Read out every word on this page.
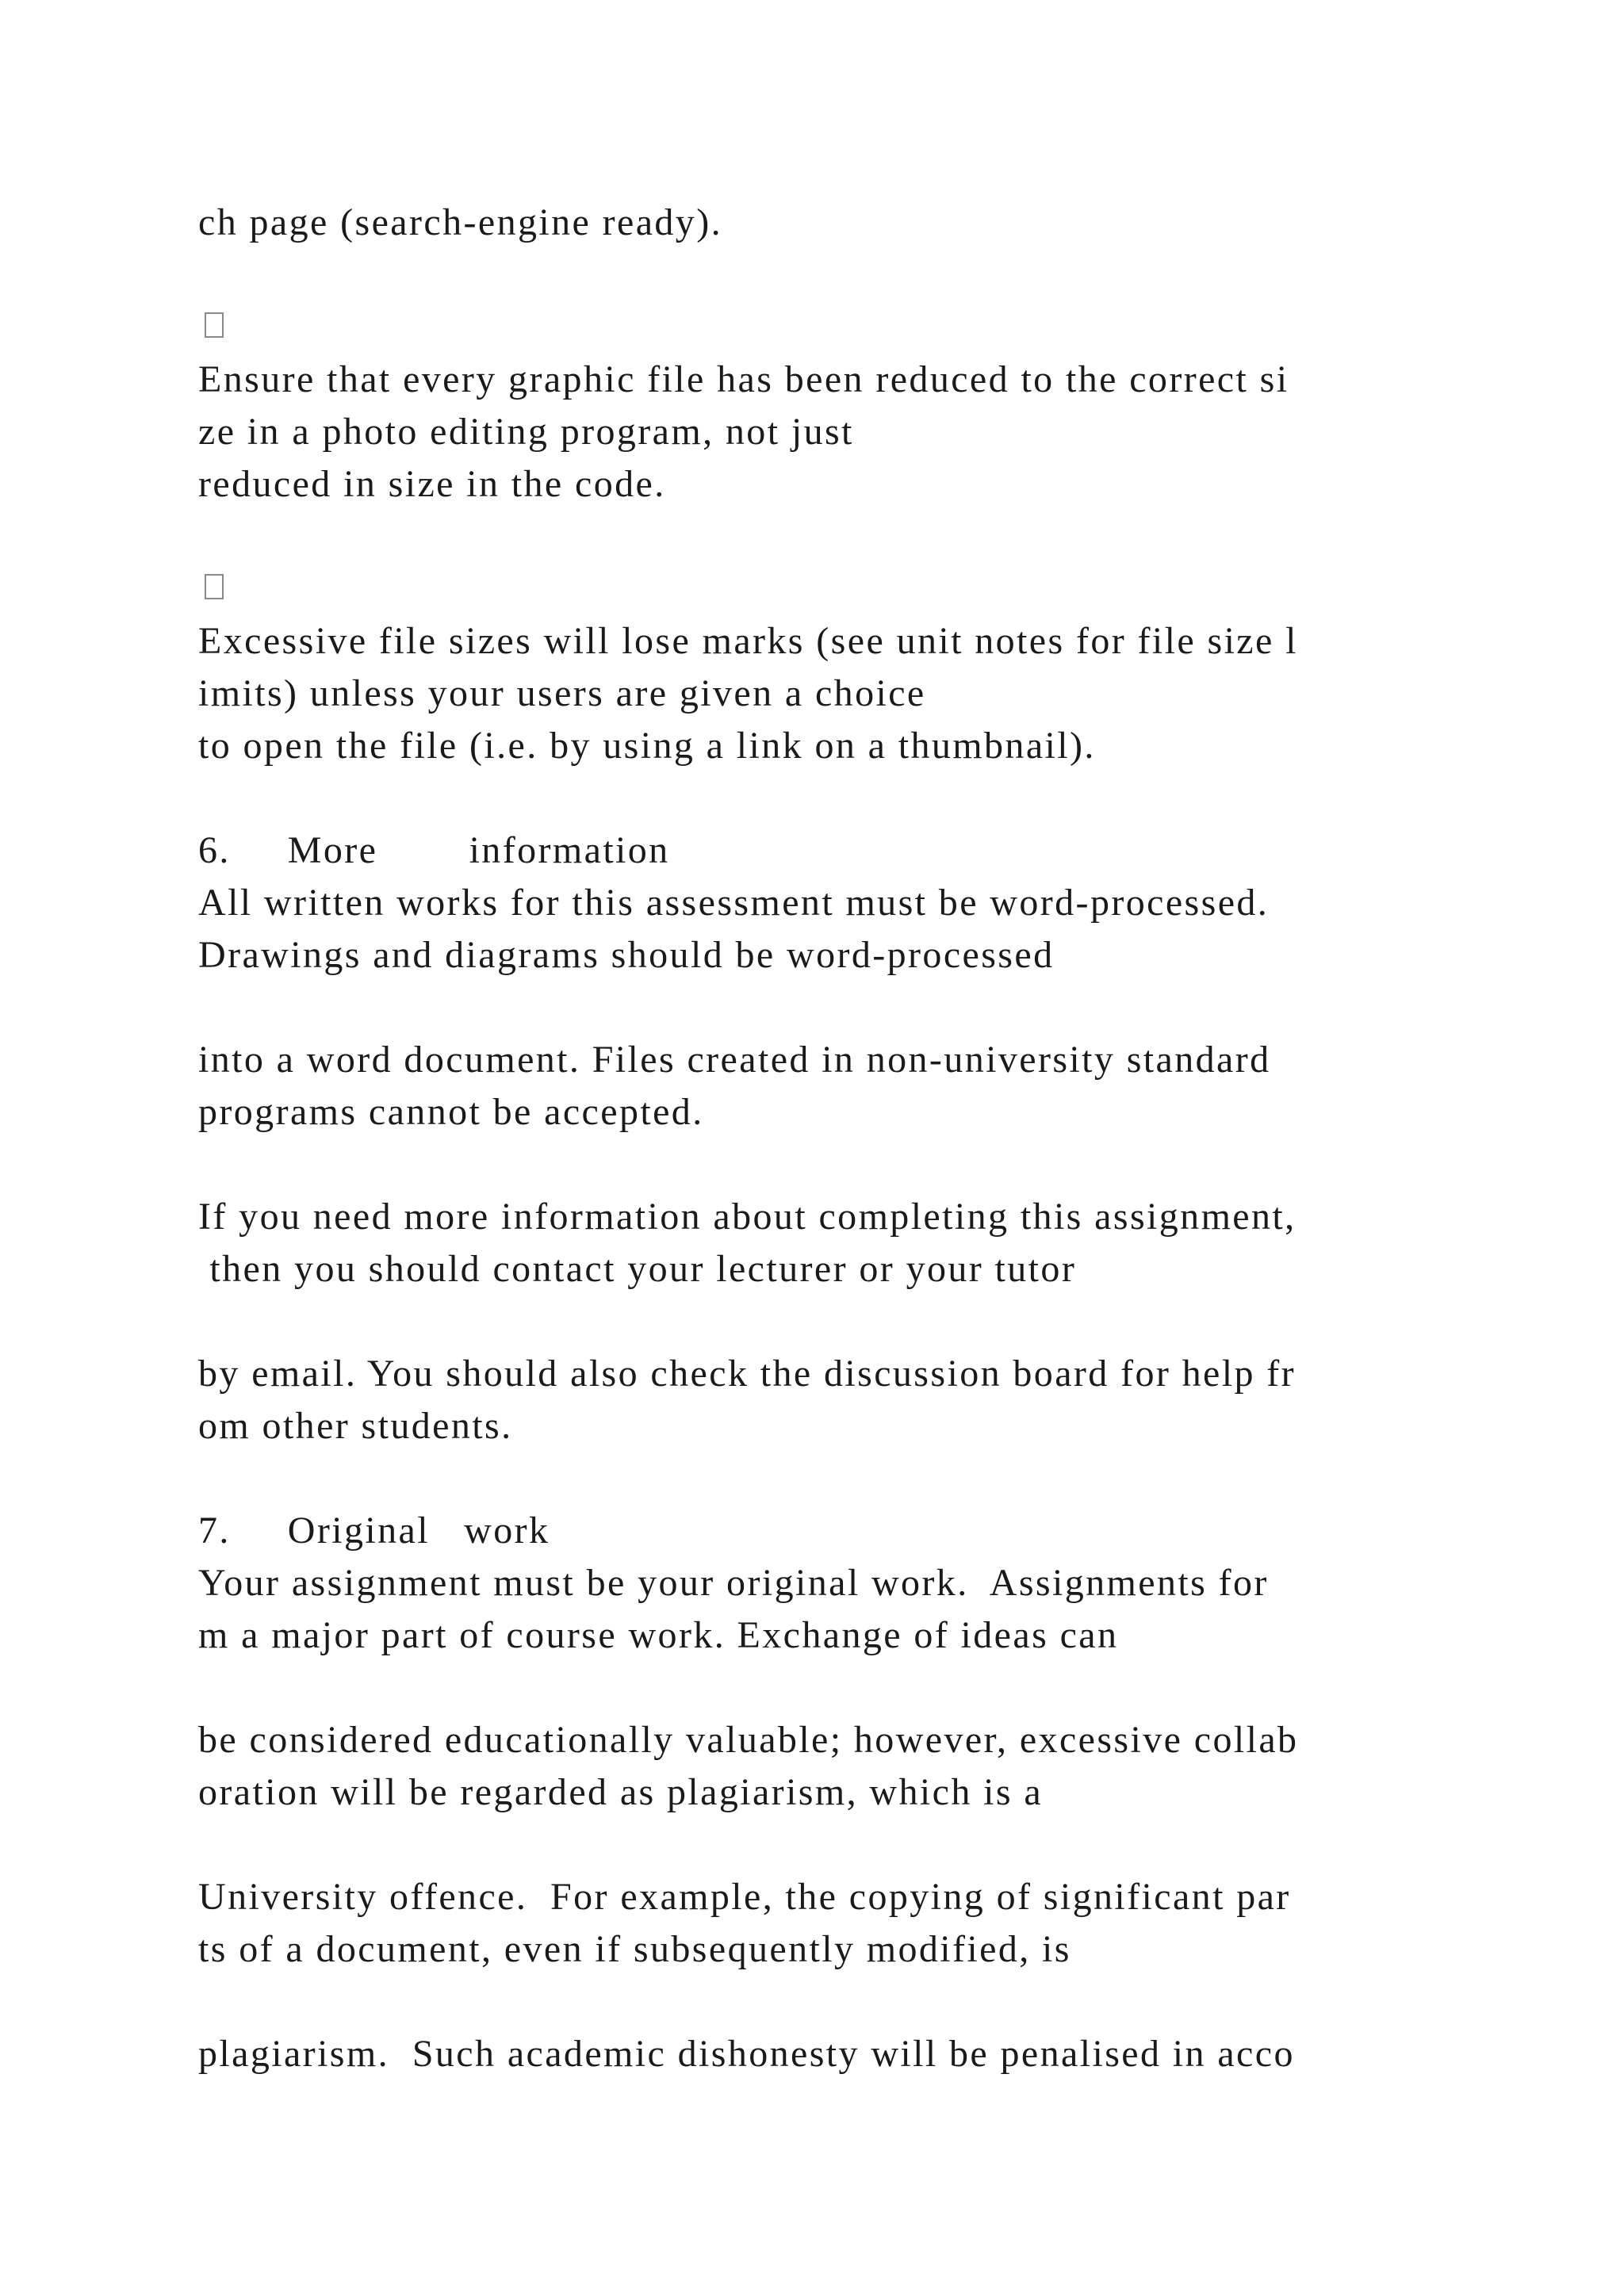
ch page (search-engine ready).
Ensure that every graphic file has been reduced to the correct si
ze in a photo editing program, not just
reduced in size in the code.
Excessive file sizes will lose marks (see unit notes for file size l
imits) unless your users are given a choice
to open the file (i.e. by using a link on a thumbnail).
6.     More        information
All written works for this assessment must be word-processed.
Drawings and diagrams should be word-processed
into a word document. Files created in non-university standard
programs cannot be accepted.
If you need more information about completing this assignment,
then you should contact your lecturer or your tutor
by email. You should also check the discussion board for help fr
om other students.
7.     Original   work
Your assignment must be your original work.  Assignments for
m a major part of course work. Exchange of ideas can
be considered educationally valuable; however, excessive collab
oration will be regarded as plagiarism, which is a
University offence.  For example, the copying of significant par
ts of a document, even if subsequently modified, is
plagiarism.  Such academic dishonesty will be penalised in acco
